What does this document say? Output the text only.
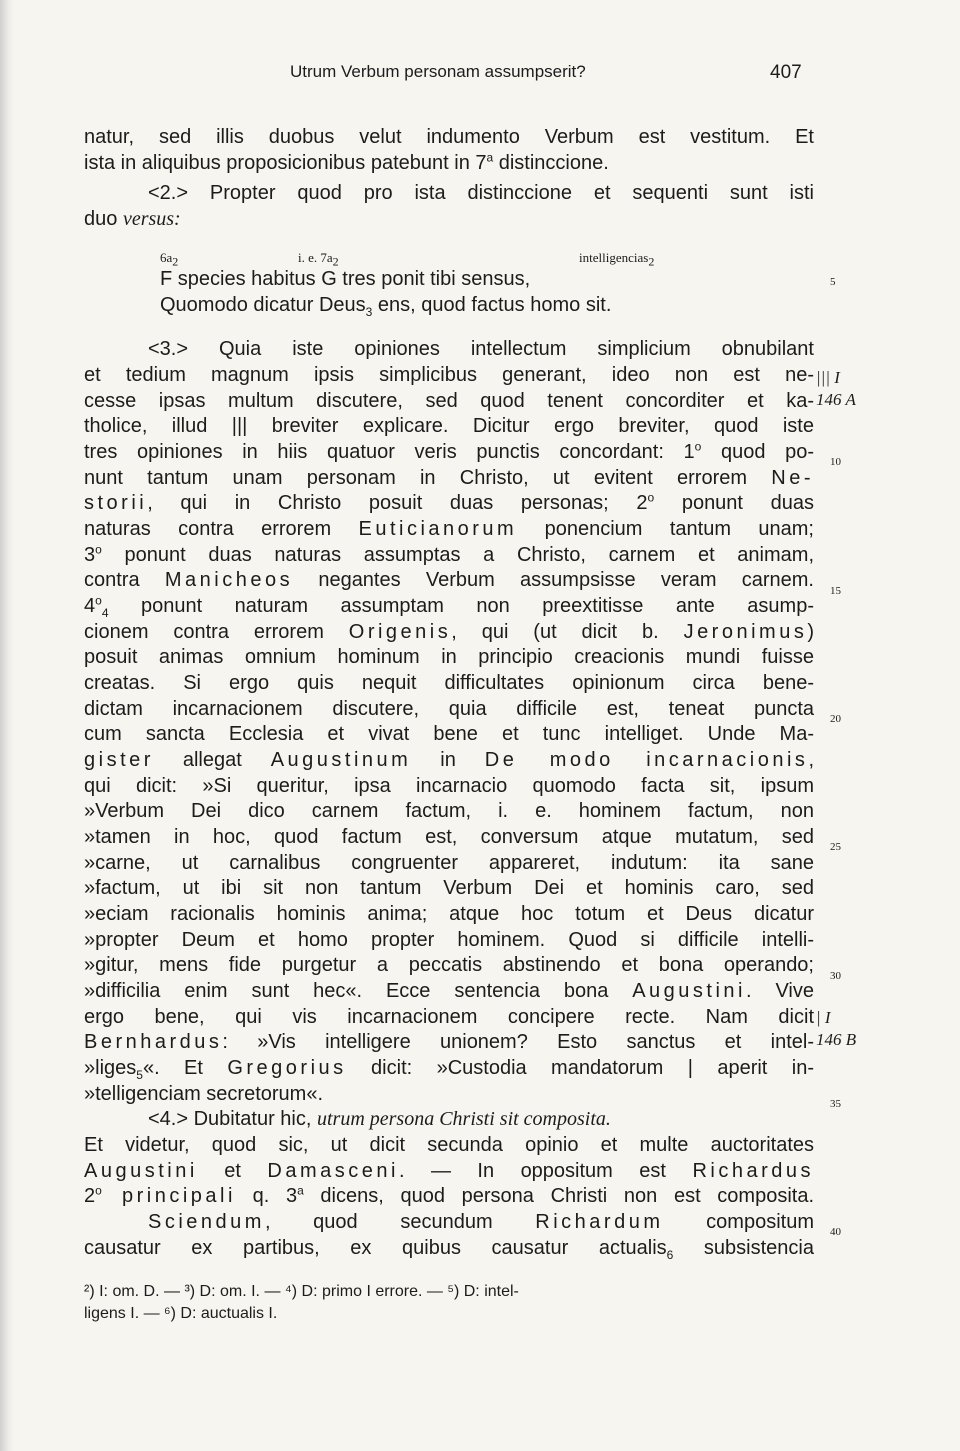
Utrum Verbum personam assumpserit?	407
natur, sed illis duobus velut indumento Verbum est vestitum. Et
ista in aliquibus proposicionibus patebunt in 7$^a$ distinccione.
<2.> Propter quod pro ista distinccione et sequenti sunt isti
duo versus:
6a2	i. e. 7a2	intelligencias2
F species habitus G tres ponit tibi sensus,
Quomodo dicatur Deus$_3$ ens, quod factus homo sit.
<3.> Quia iste opiniones intellectum simplicium obnubilant
et tedium magnum ipsis simplicibus generant, ideo non est ne-
cesse ipsas multum discutere, sed quod tenent concorditer et ka-
tholice, illud ||| breviter explicare. Dicitur ergo breviter, quod iste
tres opiniones in hiis quatuor veris punctis concordant: 1$^o$ quod po-
nunt tantum unam personam in Christo, ut evitent errorem Ne-
storii, qui in Christo posuit duas personas; 2$^o$ ponunt duas
naturas contra errorem Euticianorum ponencium tantum unam;
3$^o$ ponunt duas naturas assumptas a Christo, carnem et animam,
contra Manicheos negantes Verbum assumpsisse veram carnem.
$4^o_4$ ponunt naturam assumptam non preextitisse ante asump-
cionem contra errorem Origenis, qui (ut dicit b. Jeronimus)
posuit animas omnium hominum in principio creacionis mundi fuisse
creatas. Si ergo quis nequit difficultates opinionum circa bene-
dictam incarnacionem discutere, quia difficile est, teneat puncta
cum sancta Ecclesia et vivat bene et tunc intelliget. Unde Ma-
gister allegat Augustinum in De modo incarnacionis,
qui dicit: »Si queritur, ipsa incarnacio quomodo facta sit, ipsum
»Verbum Dei dico carnem factum, i. e. hominem factum, non
»tamen in hoc, quod factum est, conversum atque mutatum, sed
»carne, ut carnalibus congruenter appareret, indutum: ita sane
»factum, ut ibi sit non tantum Verbum Dei et hominis caro, sed
»eciam racionalis hominis anima; atque hoc totum et Deus dicatur
»propter Deum et homo propter hominem. Quod si difficile intelli-
»gitur, mens fide purgetur a peccatis abstinendo et bona operando;
»difficilia enim sunt hec«. Ecce sentencia bona Augustini. Vive
ergo bene, qui vis incarnacionem concipere recte. Nam dicit
Bernhardus: »Vis intelligere unionem? Esto sanctus et intel-
»liges$_5$«. Et Gregorius dicit: »Custodia mandatorum | aperit in-
»telligenciam secretorum«.
<4.> Dubitatur hic, utrum persona Christi sit composita.
Et videtur, quod sic, ut dicit secunda opinio et multe auctoritates
Augustini et Damasceni. — In oppositum est Richardus
2$^o$ principali q. 3$^a$ dicens, quod persona Christi non est composita.
Sciendum, quod secundum Richardum compositum
causatur ex partibus, ex quibus causatur actualis$_6$ subsistencia
5
10
15
20
25
30
35
40
||| I
146 A
| I
146 B
²) I: om. D. — ³) D: om. I. — ⁴) D: primo I errore. — ⁵) D: intel-
ligens I. — ⁶) D: auctualis I.
